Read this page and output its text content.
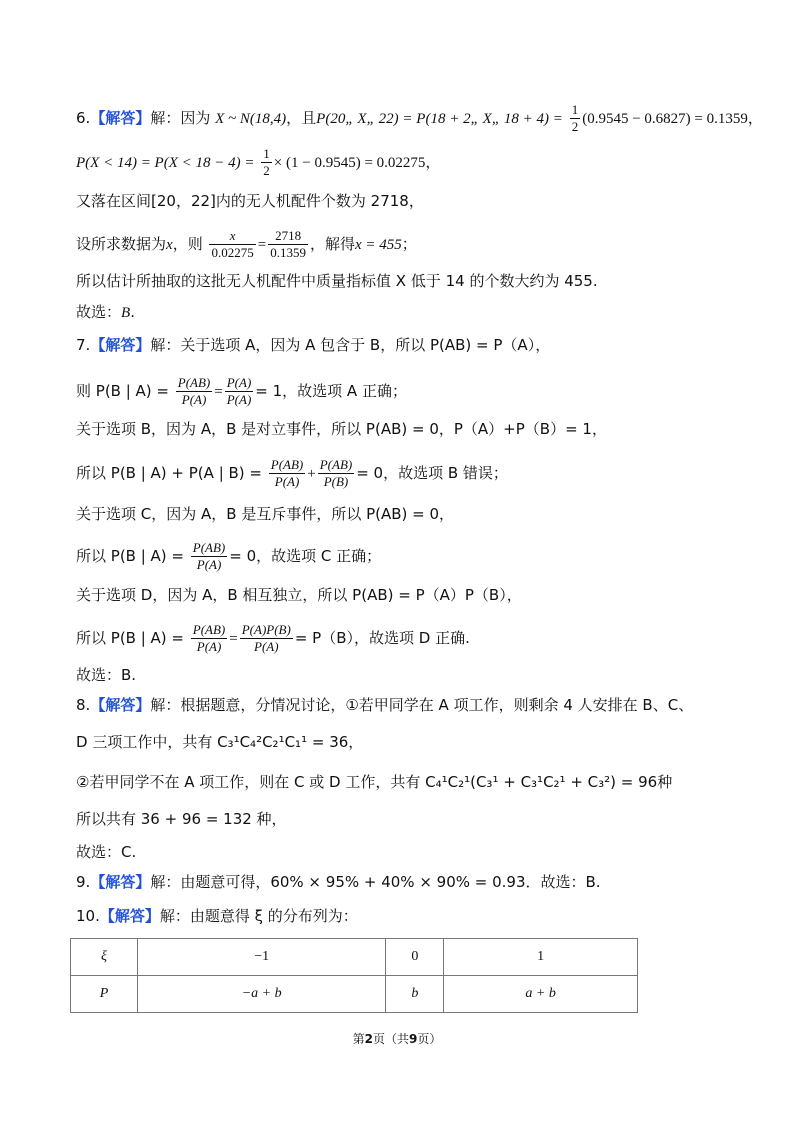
6.【解答】解：因为 X ~ N(18,4)，且P(20„ X„ 22) = P(18 + 2„ X„ $18 + 4) = \frac{1}{2} (0.9545 - 0.6827) = 0.1359$，
$P(X < 14) = P(X < 18 - 4) = \frac{1}{2} \times (1 - 0.9545) = 0.02275$，
又落在区间[20，22]内的无人机配件个数为 2718，
设所求数据为x，则 $\frac{x}{0.02275} = \frac{2718}{0.1359}$ ，解得x = 455；
所以估计所抽取的这批无人机配件中质量指标值 X 低于 14 的个数大约为 455.
故选：B.
7.【解答】解：关于选项 A，因为 A 包含于 B，所以 P(AB) = P（A），
则 P(B | $A) = \frac{P(AB)}{P(A)} = \frac{P(A)}{P(A)} = 1$，故选项 A 正确；
关于选项 B，因为 A，B 是对立事件，所以 P(AB) = 0，P（A）+P（B）= 1，
所以 P(B | A) + P(A | $B) = \frac{P(AB)}{P(A)} + \frac{P(AB)}{P(B)} = 0$，故选项 B 错误；
关于选项 C，因为 A，B 是互斥事件，所以 P(AB) = 0，
所以 P(B | $A) = \frac{P(AB)}{P(A)} = 0$，故选项 C 正确；
关于选项 D，因为 A，B 相互独立，所以 P(AB) = P（A）P（B），
所以 P(B | $A) = \frac{P(AB)}{P(A)} = \frac{P(A)P(B)}{P(A)} = P(B)$，故选项 D 正确.
故选：B.
8.【解答】解：根据题意，分情况讨论，①若甲同学在 A 项工作，则剩余 4 人安排在 B、C、
D 三项工作中，共有 C₃¹C₄²C₂¹C₁¹ = 36，
②若甲同学不在 A 项工作，则在 C 或 D 工作，共有 C₄¹C₂¹(C₃¹ + C₃¹C₂¹ + C₃²) = 96种
所以共有 36 + 96 = 132 种，
故选：C.
9.【解答】解：由题意可得，60% × 95% + 40% × 90% = 0.93．故选：B.
10.【解答】解：由题意得 ξ 的分布列为：
ξ	−1	0	1
P	−a + b	b	a + b
第2页（共9页）
